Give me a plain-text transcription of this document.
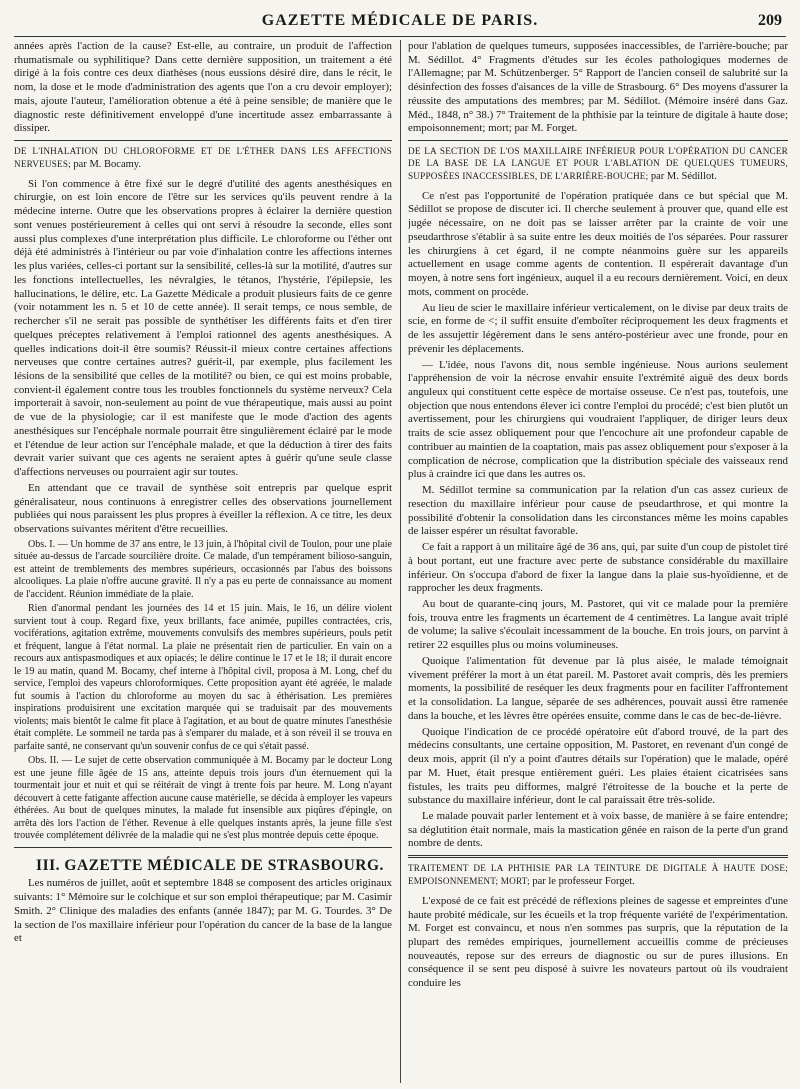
GAZETTE MÉDICALE DE PARIS.	209

années après l'action de la cause? Est-elle, au contraire, un produit de l'affection rhumatismale ou syphilitique? Dans cette dernière supposition, un traitement a été dirigé à la fois contre ces deux diathèses (nous eussions désiré dire, dans le récit, le nom, la dose et le mode d'administration des agents que l'on a cru devoir employer); mais, ajoute l'auteur, l'amélioration obtenue a été à peine sensible; de manière que le diagnostic reste définitivement enveloppé d'une incertitude assez embarrassante à dissiper.

DE L'INHALATION DU CHLOROFORME ET DE L'ÉTHER DANS LES AFFECTIONS NERVEUSES; par M. Bocamy.

Si l'on commence à être fixé sur le degré d'utilité des agents anesthésiques en chirurgie, on est loin encore de l'être sur les services qu'ils peuvent rendre à la médecine interne. Outre que les observations propres à éclairer la dernière question sont venues postérieurement à celles qui ont servi à résoudre la seconde, elles sont aussi plus complexes d'une interprétation plus difficile. Le chloroforme ou l'éther ont déjà été administrés à l'intérieur ou par voie d'inhalation contre les affections internes les plus variées, celles-ci portant sur la sensibilité, celles-là sur la motilité, d'autres sur les fonctions intellectuelles, les névralgies, le tétanos, l'hystérie, l'épilepsie, les hallucinations, le délire, etc. La Gazette Médicale a produit plusieurs faits de ce genre (voir notamment les n. 5 et 10 de cette année). Il serait temps, ce nous semble, de rechercher s'il ne serait pas possible de synthétiser les différents faits et d'en tirer quelques préceptes relativement à l'emploi rationnel des agents anesthésiques. A quelles indications doit-il être soumis? Réussit-il mieux contre certaines affections nerveuses que contre certaines autres? guérit-il, par exemple, plus facilement les lésions de la sensibilité que celles de la motilité? ou bien, ce qui est moins probable, convient-il également contre tous les troubles fonctionnels du système nerveux? Cela importerait à savoir, non-seulement au point de vue thérapeutique, mais aussi au point de vue de la physiologie; car il est manifeste que le mode d'action des agents anesthésiques sur l'encéphale normale pourrait être singulièrement éclairé par le mode et l'étendue de leur action sur l'encéphale malade, et que la déduction à tirer des faits devrait varier suivant que ces agents ne seraient aptes à guérir qu'une seule classe d'affections nerveuses ou pourraient agir sur toutes.

En attendant que ce travail de synthèse soit entrepris par quelque esprit généralisateur, nous continuons à enregistrer celles des observations journellement publiées qui nous paraissent les plus propres à éveiller la réflexion. A ce titre, les deux observations suivantes méritent d'être recueillies.

Obs. I. — Un homme de 37 ans entre, le 13 juin, à l'hôpital civil de Toulon, pour une plaie située au-dessus de l'arcade sourcilière droite. Ce malade, d'un tempérament bilioso-sanguin, est atteint de tremblements des membres supérieurs, occasionnés par l'abus des boissons alcooliques. La plaie n'offre aucune gravité. Il n'y a pas eu perte de connaissance au moment de l'accident. Réunion immédiate de la plaie.

Rien d'anormal pendant les journées des 14 et 15 juin. Mais, le 16, un délire violent survient tout à coup. Regard fixe, yeux brillants, face animée, pupilles contractées, cris, vociférations, agitation extrême, mouvements convulsifs des membres supérieurs, pouls petit et fréquent, langue à l'état normal. La plaie ne présentait rien de particulier. En vain on a recours aux antispasmodiques et aux opiacés; le délire continue le 17 et le 18; il durait encore le 19 au matin, quand M. Bocamy, chef interne à l'hôpital civil, proposa à M. Long, chef du service, l'emploi des vapeurs chloroformiques. Cette proposition ayant été agréée, le malade fut soumis à l'action du chloroforme au moyen du sac à éthérisation. Les premières inspirations produisirent une excitation marquée qui se traduisait par des mouvements violents; mais bientôt le calme fit place à l'agitation, et au bout de quatre minutes l'anesthésie était complète. Le sommeil ne tarda pas à s'emparer du malade, et à son réveil il se trouva en parfaite santé, ne conservant qu'un souvenir confus de ce qui s'était passé.

Obs. II. — Le sujet de cette observation communiquée à M. Bocamy par le docteur Long est une jeune fille âgée de 15 ans, atteinte depuis trois jours d'un éternuement qui la tourmentait jour et nuit et qui se réitérait de vingt à trente fois par heure. M. Long n'ayant découvert à cette fatigante affection aucune cause matérielle, se décida à employer les vapeurs éthérées. Au bout de quelques minutes, la malade fut insensible aux piqûres d'épingle, on arrêta dès lors l'action de l'éther. Revenue à elle quelques instants après, la jeune fille s'est trouvée complétement délivrée de la maladie qui ne s'est plus montrée depuis cette époque.

III. GAZETTE MÉDICALE DE STRASBOURG.

Les numéros de juillet, août et septembre 1848 se composent des articles originaux suivants: 1° Mémoire sur le colchique et sur son emploi thérapeutique; par M. Casimir Smith. 2° Clinique des maladies des enfants (année 1847); par M. G. Tourdes. 3° De la section de l'os maxillaire inférieur pour l'opération du cancer de la base de la langue et

pour l'ablation de quelques tumeurs, supposées inaccessibles, de l'arrière-bouche; par M. Sédillot. 4° Fragments d'études sur les écoles pathologiques modernes de l'Allemagne; par M. Schützenberger. 5° Rapport de l'ancien conseil de salubrité sur la désinfection des fosses d'aisances de la ville de Strasbourg. 6° Des moyens d'assurer la réussite des amputations des membres; par M. Sédillot. (Mémoire inséré dans Gaz. Méd., 1848, n° 38.) 7° Traitement de la phthisie par la teinture de digitale à haute dose; empoisonnement; mort; par M. Forget.

DE LA SECTION DE L'OS MAXILLAIRE INFÉRIEUR POUR L'OPÉRATION DU CANCER DE LA BASE DE LA LANGUE ET POUR L'ABLATION DE QUELQUES TUMEURS, SUPPOSÉES INACCESSIBLES, DE L'ARRIÈRE-BOUCHE; par M. Sédillot.

Ce n'est pas l'opportunité de l'opération pratiquée dans ce but spécial que M. Sédillot se propose de discuter ici. Il cherche seulement à prouver que, quand elle est jugée nécessaire, on ne doit pas se laisser arrêter par la crainte de voir une pseudarthrose s'établir à sa suite entre les deux moitiés de l'os séparées. Pour rassurer les chirurgiens à cet égard, il ne compte néanmoins guère sur les appareils actuellement en usage comme agents de contention. Il espérerait davantage d'un moyen, à notre sens fort ingénieux, auquel il a eu recours dernièrement. Voici, en deux mots, comment on procède.

Au lieu de scier le maxillaire inférieur verticalement, on le divise par deux traits de scie, en forme de <; il suffit ensuite d'emboîter réciproquement les deux fragments et de les assujettir légèrement dans le sens antéro-postérieur avec une fronde, pour en prévenir les déplacements.

— L'idée, nous l'avons dit, nous semble ingénieuse. Nous aurions seulement l'appréhension de voir la nécrose envahir ensuite l'extrémité aiguë des deux bords anguleux qui constituent cette espèce de mortaise osseuse. Ce n'est pas, toutefois, une objection que nous entendons élever ici contre l'emploi du procédé; c'est bien plutôt un avertissement, pour les chirurgiens qui voudraient l'appliquer, de diriger leurs deux traits de scie assez obliquement pour que l'encochure ait une profondeur capable de contribuer au maintien de la coaptation, mais pas assez obliquement pour s'exposer à la complication de nécrose, complication que la distribution spéciale des vaisseaux rend plus à craindre ici que dans les autres os.

M. Sédillot termine sa communication par la relation d'un cas assez curieux de resection du maxillaire inférieur pour cause de pseudarthrose, et qui montre la possibilité d'obtenir la consolidation dans les circonstances même les moins capables de laisser espérer un résultat favorable.

Ce fait a rapport à un militaire âgé de 36 ans, qui, par suite d'un coup de pistolet tiré à bout portant, eut une fracture avec perte de substance considérable du maxillaire inférieur. On s'occupa d'abord de fixer la langue dans la plaie sus-hyoïdienne, et de rapprocher les deux fragments.

Au bout de quarante-cinq jours, M. Pastoret, qui vit ce malade pour la première fois, trouva entre les fragments un écartement de 4 centimètres. La langue avait triplé de volume; la salive s'écoulait incessamment de la bouche. En trois jours, on parvint à retirer 22 esquilles plus ou moins volumineuses.

Quoique l'alimentation fût devenue par là plus aisée, le malade témoignait vivement préférer la mort à un état pareil. M. Pastoret avait compris, dès les premiers moments, la possibilité de reséquer les deux fragments pour en faciliter l'affrontement et la consolidation. La langue, séparée de ses adhérences, pouvait aussi être ramenée dans la bouche, et les lèvres être opérées ensuite, comme dans le cas de bec-de-lièvre.

Quoique l'indication de ce procédé opératoire eût d'abord trouvé, de la part des médecins consultants, une certaine opposition, M. Pastoret, en revenant d'un congé de deux mois, apprit (il n'y a point d'autres détails sur l'opération) que le malade, opéré par M. Huet, était presque entièrement guéri. Les plaies étaient cicatrisées sans fistules, les traits peu difformes, malgré l'étroitesse de la bouche et la perte de substance du maxillaire inférieur, dont le cal paraissait être très-solide.

Le malade pouvait parler lentement et à voix basse, de manière à se faire entendre; sa déglutition était normale, mais la mastication gênée en raison de la perte d'un grand nombre de dents.

TRAITEMENT DE LA PHTHISIE PAR LA TEINTURE DE DIGITALE À HAUTE DOSE; EMPOISONNEMENT; MORT; par le professeur Forget.

L'exposé de ce fait est précédé de réflexions pleines de sagesse et empreintes d'une haute probité médicale, sur les écueils et la trop fréquente variété de l'expérimentation. M. Forget est convaincu, et nous n'en sommes pas surpris, que la réputation de la plupart des remèdes empiriques, journellement accueillis comme de précieuses nouveautés, repose sur des erreurs de diagnostic ou sur de pures illusions. En conséquence il se sent peu disposé à suivre les novateurs partout où ils voudraient conduire les
